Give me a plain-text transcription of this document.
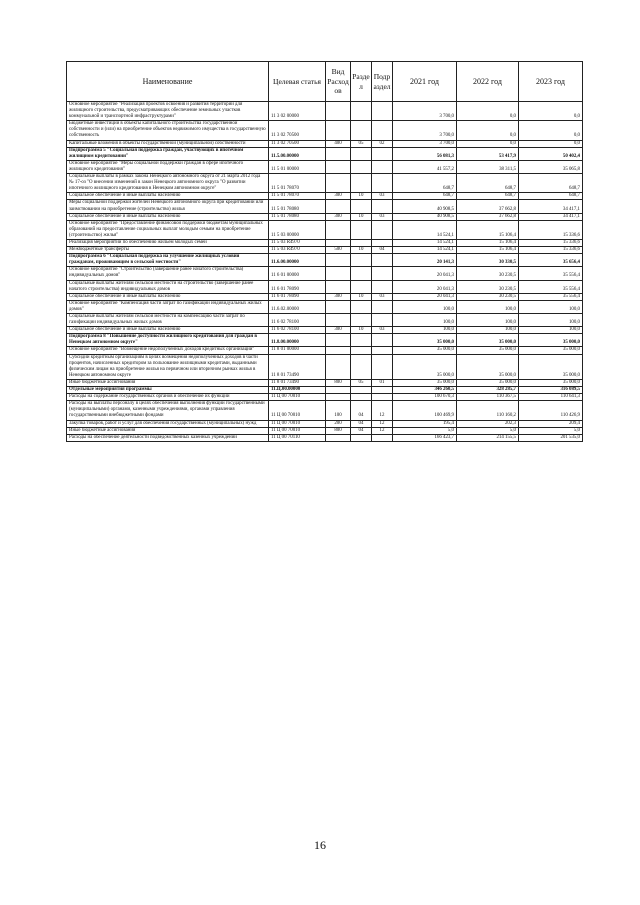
Наименование	Целевая статья	Вид Расходов	Раздел	Подраздел	2021 год	2022 год	2023 год
Основное мероприятие "Реализация проектов освоения и развития территорий для жилищного строительства, предусматривающих обеспечение земельных участков коммунальной и транспортной инфраструктурами"	11 3 02 00000				3 700,0	0,0	0,0
Бюджетные инвестиции в объекты капитального строительства государственной собственности и (или) на приобретение объектов недвижимого имущества в государственную собственность	11 3 02 70500				3 700,0	0,0	0,0
Капитальные вложения в объекты государственной (муниципальной) собственности	11 3 02 70500	400	05	02	3 700,0	0,0	0,0
Подпрограмма 5 "Социальная поддержка граждан, участвующих в ипотечном жилищном кредитовании"	11.5.00.00000				56 081,3	53 417,9	50 402,4
Основное мероприятие "Меры социальной поддержки граждан в сфере ипотечного жилищного кредитования"	11 5 01 00000				41 557,2	38 311,5	35 065,8
Социальные выплаты в рамках закона Ненецкого автономного округа от 21 марта 2012 года № 17-оз "О внесении изменений в закон Ненецкого автономного округа "О развитии ипотечного жилищного кредитования в Ненецком автономном округе"	11 5 01 78070				648,7	648,7	648,7
Социальное обеспечение и иные выплаты населению	11 5 01 78070	300	10	03	648,7	648,7	648,7
Меры социальной поддержки жителей Ненецкого автономного округа при кредитовании или заимствовании на приобретение (строительство) жилья	11 5 01 78080				40 908,5	37 662,8	34 417,1
Социальное обеспечение и иные выплаты населению	11 5 01 78080	300	10	03	40 908,5	37 662,8	34 417,1
Основное мероприятие "Предоставление финансовой поддержки бюджетам муниципальных образований на предоставление социальных выплат молодым семьям на приобретение (строительство) жилья"	11 5 03 00000				14 524,1	15 106,4	15 336,6
Реализация мероприятий по обеспечению жильем молодых семей	11 5 03 R4970				14 524,1	15 106,4	15 336,6
Межбюджетные трансферты	11 5 03 R4970	500	10	04	14 524,1	15 106,4	15 336,6
Подпрограмма 6 "Социальная поддержка на улучшение жилищных условий гражданам, проживающим в сельской местности"	11.6.00.00000				20 141,3	30 330,5	35 656,4
Основное мероприятие "Строительство (завершение ранее начатого строительства) индивидуальных домов"	11 6 01 00000				20 041,3	30 230,5	35 556,4
Социальные выплаты жителям сельской местности на строительство (завершение ранее начатого строительства) индивидуальных домов	11 6 01 78090				20 041,3	30 230,5	35 556,4
Социальное обеспечение и иные выплаты населению	11 6 01 78090	300	10	03	20 041,3	30 230,5	35 556,4
Основное мероприятие "Компенсация части затрат по газификации индивидуальных жилых домов"	11.6.02.00000				100,0	100,0	100,0
Социальные выплаты жителям сельской местности на компенсацию части затрат по газификации индивидуальных жилых домов	11 6 02 78100				100,0	100,0	100,0
Социальное обеспечение и иные выплаты населению	11 6 02 78100	300	10	03	100,0	100,0	100,0
Подпрограмма 8 "Повышение доступности жилищного кредитования для граждан в Ненецком автономном округе"	11.8.00.00000				35 000,0	35 000,0	35 000,0
Основное мероприятие "Возмещение недополученных доходов кредитных организаций"	11 8 01 00000				35 000,0	35 000,0	35 000,0
Субсидии кредитным организациям в целях возмещения недополученных доходов в части процентов, начисленных кредитором за пользование жилищными кредитами, выданными физическим лицам на приобретение жилья на первичном или вторичном рынках жилья в Ненецком автономном округе	11 8 01 73490				35 000,0	35 000,0	35 000,0
Иные бюджетные ассигнования	11 8 01 73490	800	05	01	35 000,0	35 000,0	35 000,0
Отдельные мероприятия программы	11.Ц.00.00000				346 260,5	328 285,7	316 089,5
Расходы на содержание государственных органов и обеспечение их функций	11 Ц 00 70010				100 670,3	110 367,5	110 641,3
Расходы на выплаты персоналу в целях обеспечения выполнения функций государственными (муниципальными) органами, казенными учреждениями, органами управления государственными внебюджетными фондами	11 Ц 00 70010	100	04	12	100 469,9	110 160,2	110 426,9
Закупка товаров, работ и услуг для обеспечения государственных (муниципальных) нужд	11 Ц 00 70010	200	04	12	195,4	202,3	209,4
Иные бюджетные ассигнования	11 Ц 00 70010	800	04	12	5,0	5,0	5,0
Расходы на обеспечение деятельности подведомственных казенных учреждений	11 Ц 00 70110				166 423,7	214 155,5	201 535,0
16
